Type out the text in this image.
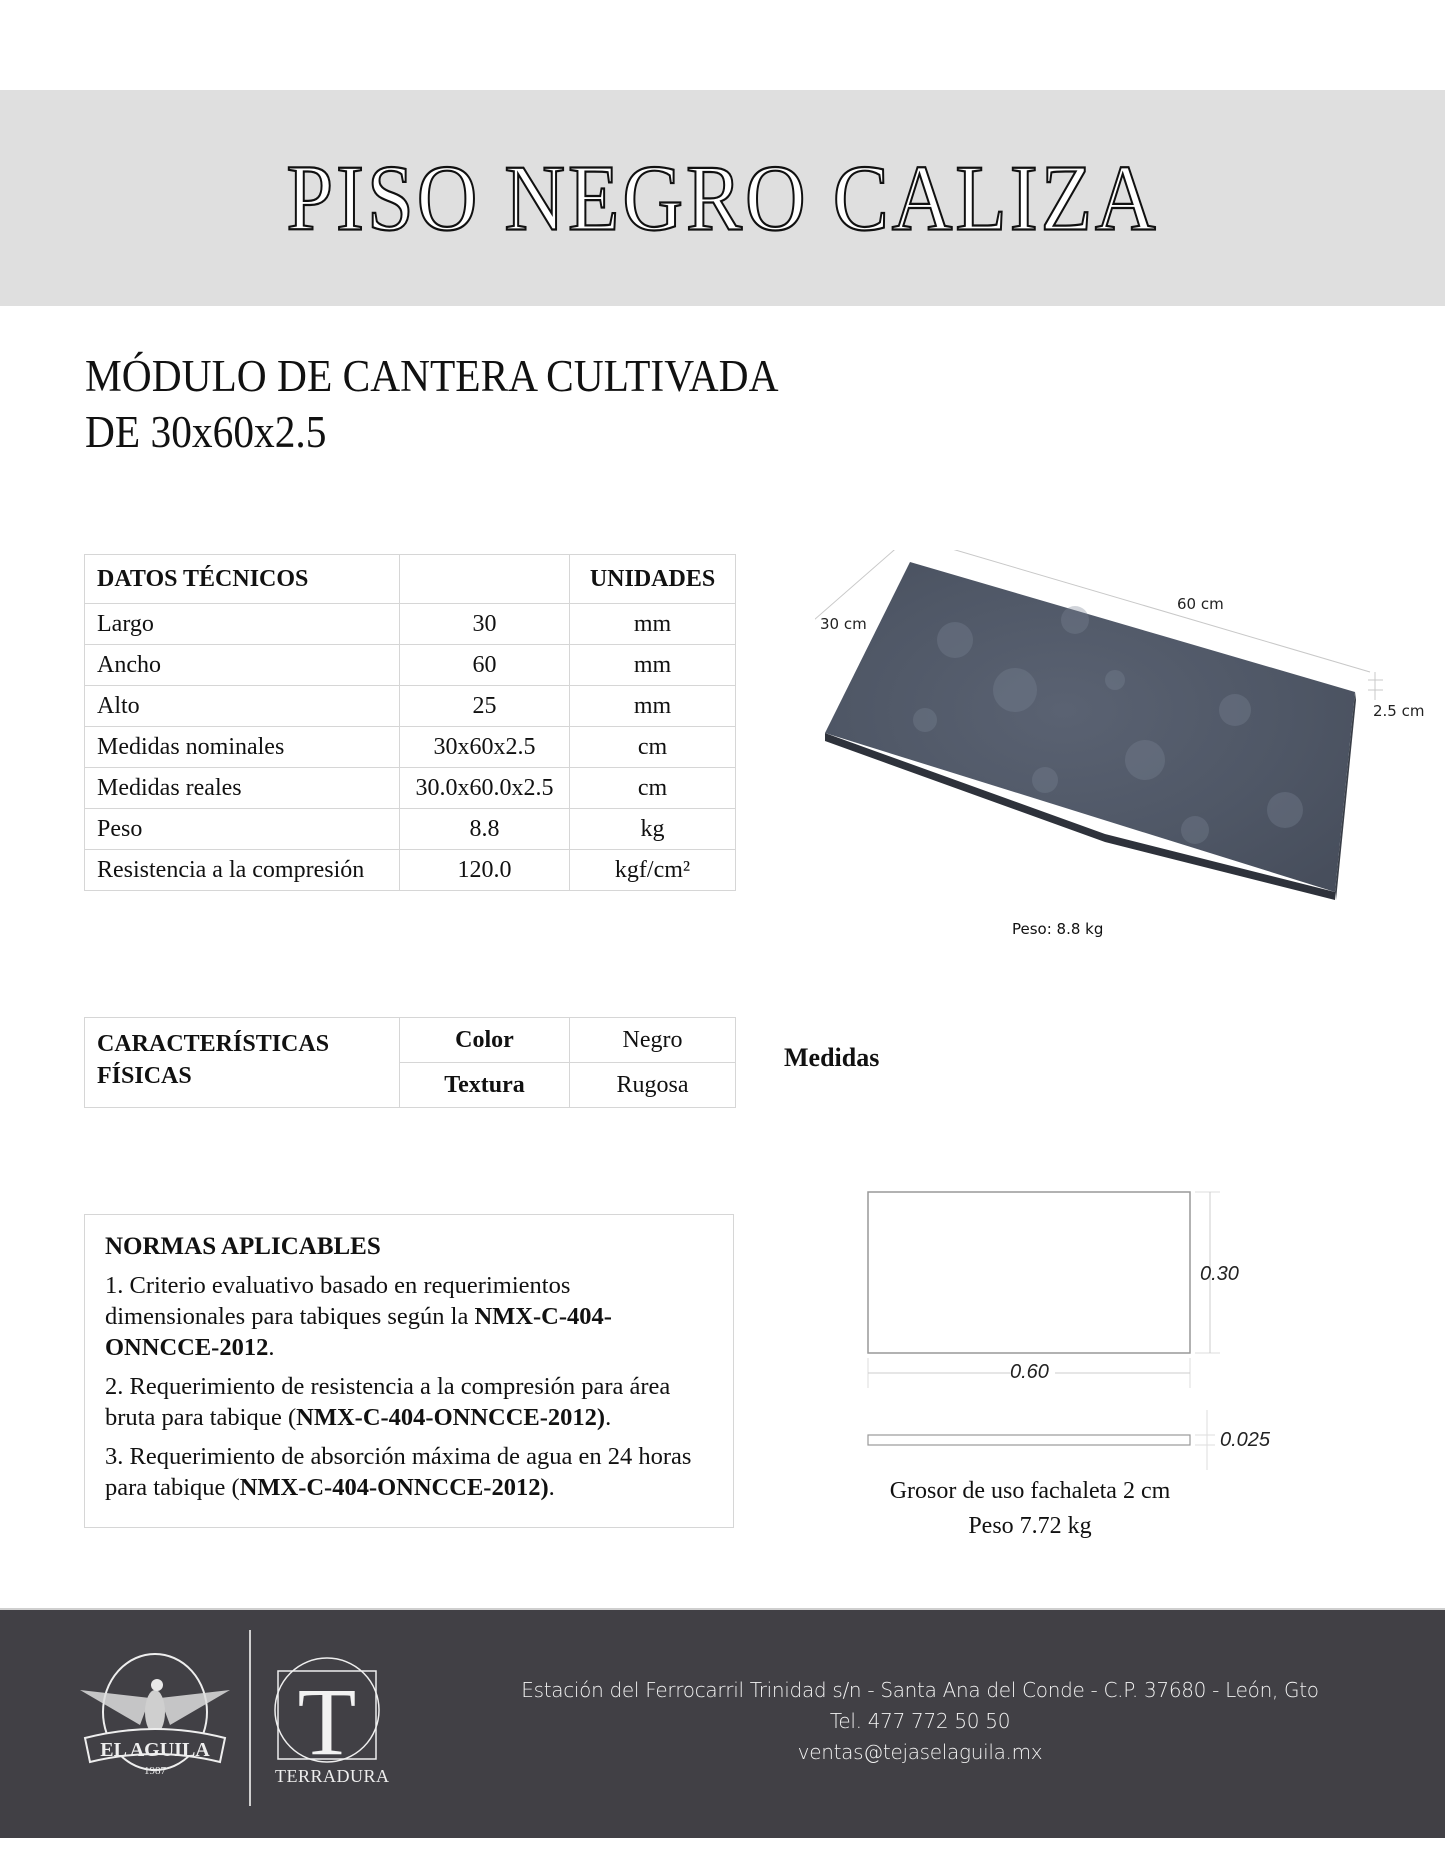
PISO NEGRO CALIZA
MÓDULO DE CANTERA CULTIVADA
DE 30x60x2.5
DATOS TÉCNICOS		UNIDADES
Largo	30	mm
Ancho	60	mm
Alto	25	mm
Medidas nominales	30x60x2.5	cm
Medidas reales	30.0x60.0x2.5	cm
Peso	8.8	kg
Resistencia a la compresión	120.0	kgf/cm²
30 cm
60 cm
2.5 cm
Peso: 8.8 kg
CARACTERÍSTICAS
FÍSICAS	Color	Negro
	Textura	Rugosa
Medidas
NORMAS APLICABLES

1. Criterio evaluativo basado en requerimientos dimensionales para tabiques según la NMX-C-404-ONNCCE-2012.

2. Requerimiento de resistencia a la compresión para área bruta para tabique (NMX-C-404-ONNCCE-2012).

3. Requerimiento de absorción máxima de agua en 24 horas para tabique (NMX-C-404-ONNCCE-2012).

0.30
0.60
0.025
Grosor de uso fachaleta 2 cm
Peso 7.72 kg
EL AGUILA
1987 T
TERRADURA
Estación del Ferrocarril Trinidad s/n - Santa Ana del Conde - C.P. 37680 - León, Gto
Tel. 477 772 50 50
ventas@tejaselaguila.mx
